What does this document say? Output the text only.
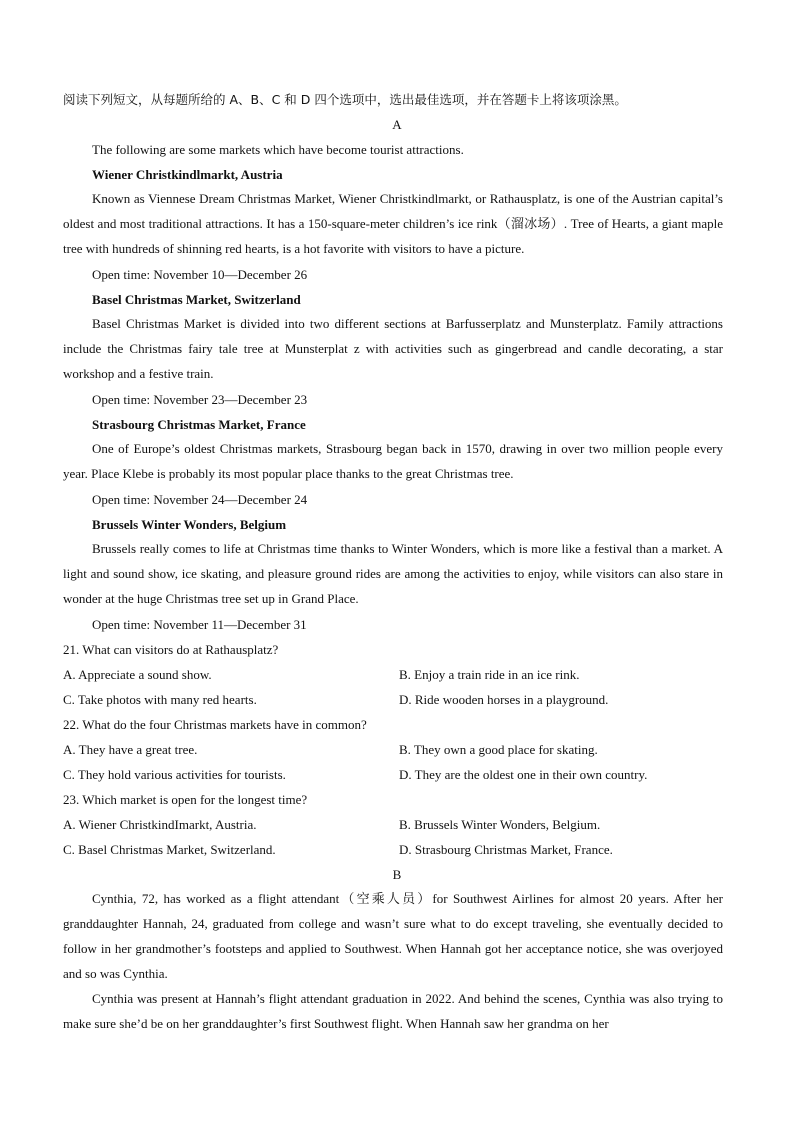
阅读下列短文，从每题所给的 A、B、C 和 D 四个选项中，选出最佳选项，并在答题卡上将该项涂黑。
A
The following are some markets which have become tourist attractions.
Wiener Christkindlmarkt, Austria
Known as Viennese Dream Christmas Market, Wiener Christkindlmarkt, or Rathausplatz, is one of the Austrian capital’s oldest and most traditional attractions. It has a 150-square-meter children’s ice rink（溜冰场）. Tree of Hearts, a giant maple tree with hundreds of shinning red hearts, is a hot favorite with visitors to have a picture.
Open time: November 10—December 26
Basel Christmas Market, Switzerland
Basel Christmas Market is divided into two different sections at Barfusserplatz and Munsterplatz. Family attractions include the Christmas fairy tale tree at Munsterplat z with activities such as gingerbread and candle decorating, a star workshop and a festive train.
Open time: November 23—December 23
Strasbourg Christmas Market, France
One of Europe’s oldest Christmas markets, Strasbourg began back in 1570, drawing in over two million people every year. Place Klebe is probably its most popular place thanks to the great Christmas tree.
Open time: November 24—December 24
Brussels Winter Wonders, Belgium
Brussels really comes to life at Christmas time thanks to Winter Wonders, which is more like a festival than a market. A light and sound show, ice skating, and pleasure ground rides are among the activities to enjoy, while visitors can also stare in wonder at the huge Christmas tree set up in Grand Place.
Open time: November 11—December 31
21. What can visitors do at Rathausplatz?
A. Appreciate a sound show.	B. Enjoy a train ride in an ice rink.
C. Take photos with many red hearts.	D. Ride wooden horses in a playground.
22. What do the four Christmas markets have in common?
A. They have a great tree.	B. They own a good place for skating.
C. They hold various activities for tourists.	D. They are the oldest one in their own country.
23. Which market is open for the longest time?
A. Wiener ChristkindImarkt, Austria.	B. Brussels Winter Wonders, Belgium.
C. Basel Christmas Market, Switzerland.	D. Strasbourg Christmas Market, France.
B
Cynthia, 72, has worked as a flight attendant（空乘人员）for Southwest Airlines for almost 20 years. After her granddaughter Hannah, 24, graduated from college and wasn’t sure what to do except traveling, she eventually decided to follow in her grandmother’s footsteps and applied to Southwest. When Hannah got her acceptance notice, she was overjoyed and so was Cynthia.
Cynthia was present at Hannah’s flight attendant graduation in 2022. And behind the scenes, Cynthia was also trying to make sure she’d be on her granddaughter’s first Southwest flight. When Hannah saw her grandma on her
